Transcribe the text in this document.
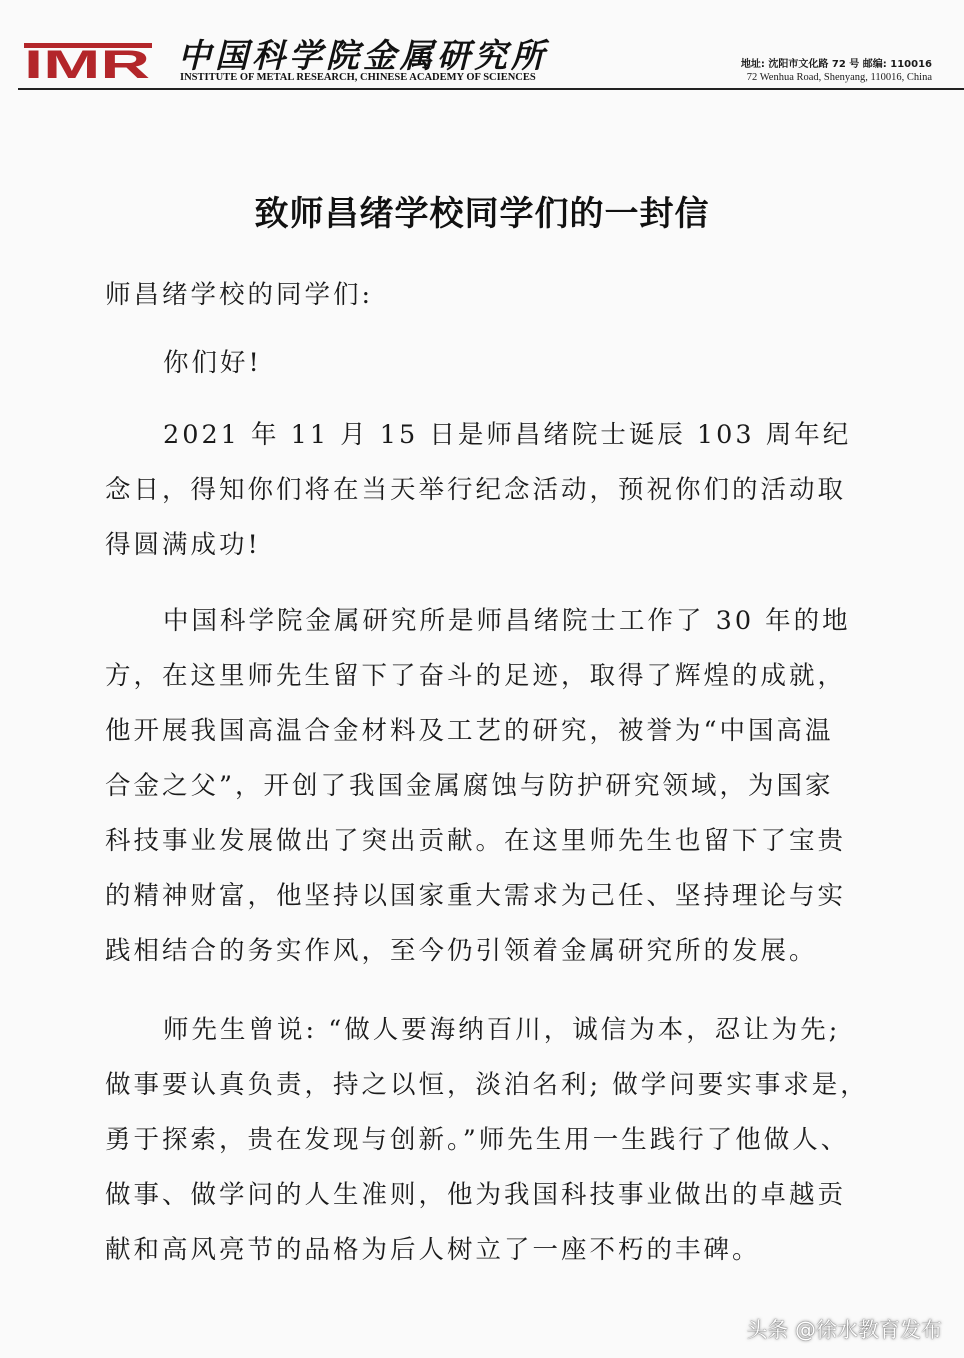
IMR 中国科学院金属研究所
INSTITUTE OF METAL RESEARCH, CHINESE ACADEMY OF SCIENCES
地址: 沈阳市文化路 72 号 邮编: 110016
72 Wenhua Road, Shenyang, 110016, China
致师昌绪学校同学们的一封信
师昌绪学校的同学们:
你们好!
2021 年 11 月 15 日是师昌绪院士诞辰 103 周年纪
念日，得知你们将在当天举行纪念活动，预祝你们的活动取
得圆满成功!
中国科学院金属研究所是师昌绪院士工作了 30 年的地
方，在这里师先生留下了奋斗的足迹，取得了辉煌的成就，
他开展我国高温合金材料及工艺的研究，被誉为“中国高温
合金之父”，开创了我国金属腐蚀与防护研究领域，为国家
科技事业发展做出了突出贡献。在这里师先生也留下了宝贵
的精神财富，他坚持以国家重大需求为己任、坚持理论与实
践相结合的务实作风，至今仍引领着金属研究所的发展。
师先生曾说: “做人要海纳百川，诚信为本，忍让为先;
做事要认真负责，持之以恒，淡泊名利; 做学问要实事求是，
勇于探索，贵在发现与创新。”师先生用一生践行了他做人、
做事、做学问的人生准则，他为我国科技事业做出的卓越贡
献和高风亮节的品格为后人树立了一座不朽的丰碑。
头条 @徐水教育发布
